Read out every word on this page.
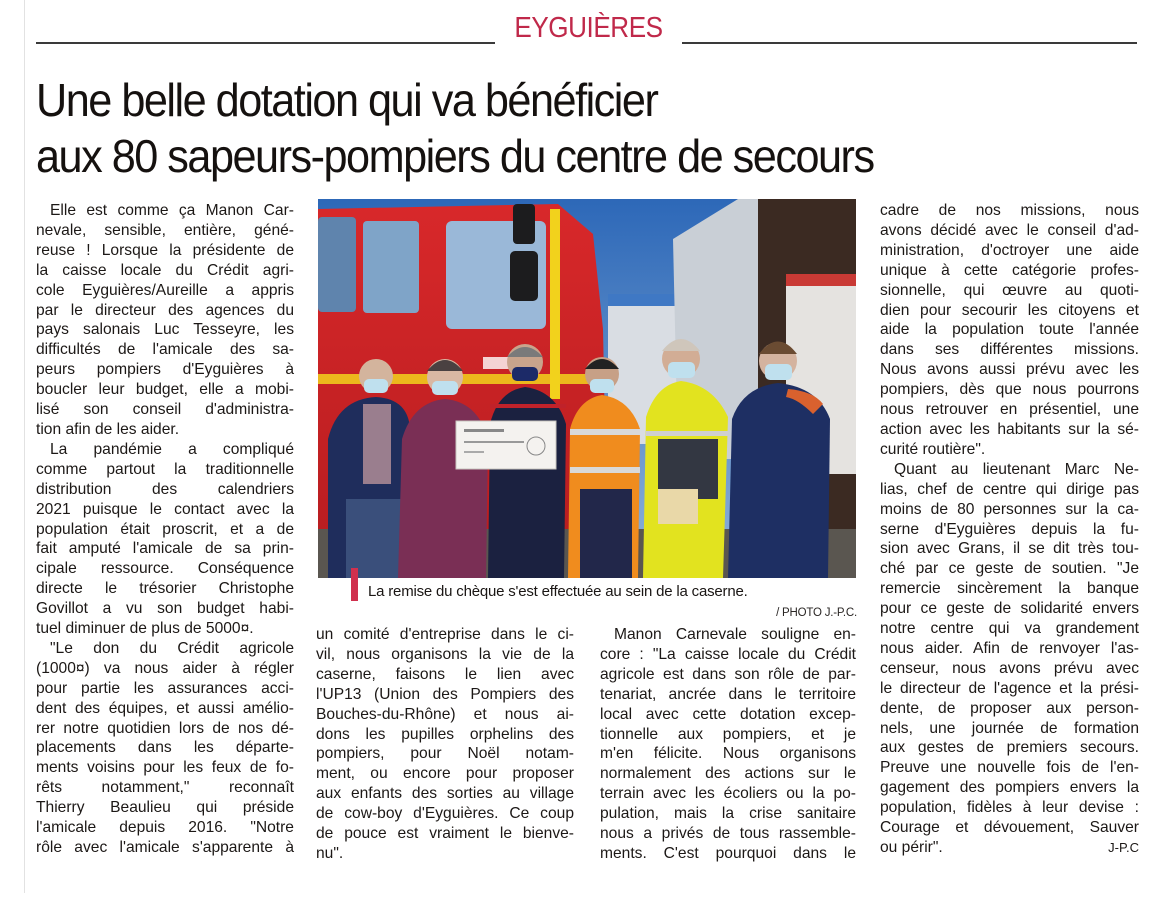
EYGUIÈRES
Une belle dotation qui va bénéficier
aux 80 sapeurs-pompiers du centre de secours
Elle est comme ça Manon Car-
nevale, sensible, entière, géné-
reuse ! Lorsque la présidente de
la caisse locale du Crédit agri-
cole Eyguières/Aureille a appris
par le directeur des agences du
pays salonais Luc Tesseyre, les
difficultés de l'amicale des sa-
peurs pompiers d'Eyguières à
boucler leur budget, elle a mobi-
lisé son conseil d'administra-
tion afin de les aider.
La pandémie a compliqué
comme partout la traditionnelle
distribution des calendriers
2021 puisque le contact avec la
population était proscrit, et a de
fait amputé l'amicale de sa prin-
cipale ressource. Conséquence
directe le trésorier Christophe
Govillot a vu son budget habi-
tuel diminuer de plus de 5000¤.
"Le don du Crédit agricole
(1000¤) va nous aider à régler
pour partie les assurances acci-
dent des équipes, et aussi amélio-
rer notre quotidien lors de nos dé-
placements dans les départe-
ments voisins pour les feux de fo-
rêts notamment," reconnaît
Thierry Beaulieu qui préside
l'amicale depuis 2016. "Notre
rôle avec l'amicale s'apparente à
La remise du chèque s'est effectuée au sein de la caserne.
/ PHOTO J.-P.C.
un comité d'entreprise dans le ci-
vil, nous organisons la vie de la
caserne, faisons le lien avec
l'UP13 (Union des Pompiers des
Bouches-du-Rhône) et nous ai-
dons les pupilles orphelins des
pompiers, pour Noël notam-
ment, ou encore pour proposer
aux enfants des sorties au village
de cow-boy d'Eyguières. Ce coup
de pouce est vraiment le bienve-
nu".
Manon Carnevale souligne en-
core : "La caisse locale du Crédit
agricole est dans son rôle de par-
tenariat, ancrée dans le territoire
local avec cette dotation excep-
tionnelle aux pompiers, et je
m'en félicite. Nous organisons
normalement des actions sur le
terrain avec les écoliers ou la po-
pulation, mais la crise sanitaire
nous a privés de tous rassemble-
ments. C'est pourquoi dans le
cadre de nos missions, nous
avons décidé avec le conseil d'ad-
ministration, d'octroyer une aide
unique à cette catégorie profes-
sionnelle, qui œuvre au quoti-
dien pour secourir les citoyens et
aide la population toute l'année
dans ses différentes missions.
Nous avons aussi prévu avec les
pompiers, dès que nous pourrons
nous retrouver en présentiel, une
action avec les habitants sur la sé-
curité routière".
Quant au lieutenant Marc Ne-
lias, chef de centre qui dirige pas
moins de 80 personnes sur la ca-
serne d'Eyguières depuis la fu-
sion avec Grans, il se dit très tou-
ché par ce geste de soutien. "Je
remercie sincèrement la banque
pour ce geste de solidarité envers
notre centre qui va grandement
nous aider. Afin de renvoyer l'as-
censeur, nous avons prévu avec
le directeur de l'agence et la prési-
dente, de proposer aux person-
nels, une journée de formation
aux gestes de premiers secours.
Preuve une nouvelle fois de l'en-
gagement des pompiers envers la
population, fidèles à leur devise :
Courage et dévouement, Sauver
ou périr".	J-P.C
